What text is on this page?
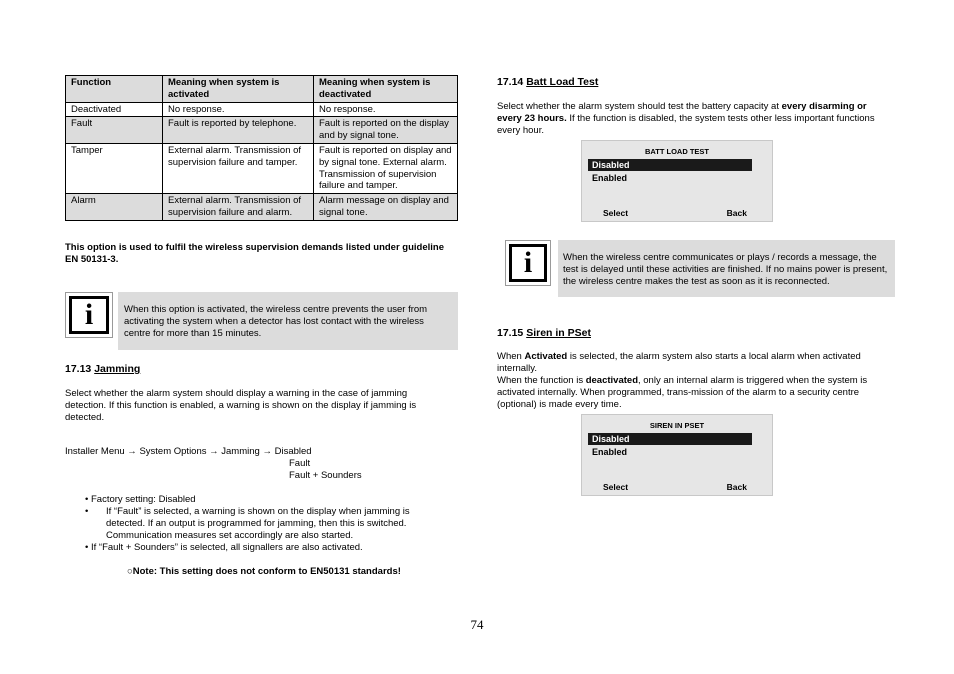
Function	Meaning when system is activated	Meaning when system is deactivated
Deactivated	No response.	No response.
Fault	Fault is reported by telephone.	Fault is reported on the display and by signal tone.
Tamper	External alarm. Transmission of supervision failure and tamper.	Fault is reported on display and by signal tone. External alarm. Transmission of supervision failure and tamper.
Alarm	External alarm. Transmission of supervision failure and alarm.	Alarm message on display and signal tone.
This option is used to fulfil the wireless supervision demands listed under guideline EN 50131-3.
i	When this option is activated, the wireless centre prevents the user from activating the system when a detector has lost contact with the wireless centre for more than 15 minutes.
17.13 Jamming
Select whether the alarm system should display a warning in the case of jamming detection. If this function is enabled, a warning is shown on the display if jamming is detected.
Installer Menu → System Options → Jamming → Disabled
Fault
Fault + Sounders
• Factory setting: Disabled
• If “Fault” is selected, a warning is shown on the display when jamming is detected. If an output is programmed for jamming, then this is switched. Communication measures set accordingly are also started.
• If “Fault + Sounders” is selected, all signallers are also activated.
○Note: This setting does not conform to EN50131 standards!
17.14 Batt Load Test
Select whether the alarm system should test the battery capacity at every disarming or every 23 hours. If the function is disabled, the system tests other less important functions every hour.
BATT LOAD TEST
Disabled
Enabled
Select	Back
i	When the wireless centre communicates or plays / records a message, the test is delayed until these activities are finished. If no mains power is present, the wireless centre makes the test as soon as it is reconnected.
17.15 Siren in PSet
When Activated is selected, the alarm system also starts a local alarm when activated internally.
When the function is deactivated, only an internal alarm is triggered when the system is activated internally. When programmed, trans-mission of the alarm to a security centre (optional) is made every time.
SIREN IN PSET
Disabled
Enabled
Select	Back
74
